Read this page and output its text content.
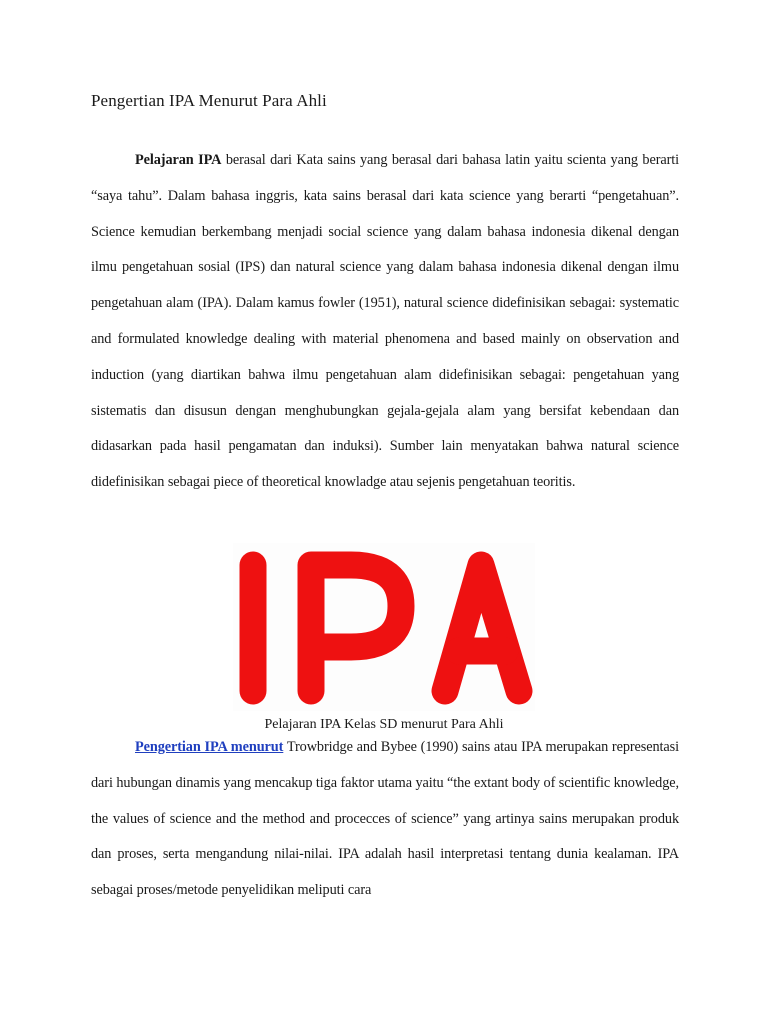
Pengertian IPA Menurut Para Ahli

Pelajaran IPA berasal dari Kata sains yang berasal dari bahasa latin yaitu scienta yang berarti “saya tahu”. Dalam bahasa inggris, kata sains berasal dari kata science yang berarti “pengetahuan”. Science kemudian berkembang menjadi social science yang dalam bahasa indonesia dikenal dengan ilmu pengetahuan sosial (IPS) dan natural science yang dalam bahasa indonesia dikenal dengan ilmu pengetahuan alam (IPA). Dalam kamus fowler (1951), natural science didefinisikan sebagai: systematic and formulated knowledge dealing with material phenomena and based mainly on observation and induction (yang diartikan bahwa ilmu pengetahuan alam didefinisikan sebagai: pengetahuan yang sistematis dan disusun dengan menghubungkan gejala-gejala alam yang bersifat kebendaan dan didasarkan pada hasil pengamatan dan induksi). Sumber lain menyatakan bahwa natural science didefinisikan sebagai piece of theoretical knowladge atau sejenis pengetahuan teoritis.

Pelajaran IPA Kelas SD menurut Para Ahli

Pengertian IPA menurut Trowbridge and Bybee (1990) sains atau IPA merupakan representasi dari hubungan dinamis yang mencakup tiga faktor utama yaitu “the extant body of scientific knowledge, the values of science and the method and procecces of science” yang artinya sains merupakan produk dan proses, serta mengandung nilai-nilai. IPA adalah hasil interpretasi tentang dunia kealaman. IPA sebagai proses/metode penyelidikan meliputi cara
